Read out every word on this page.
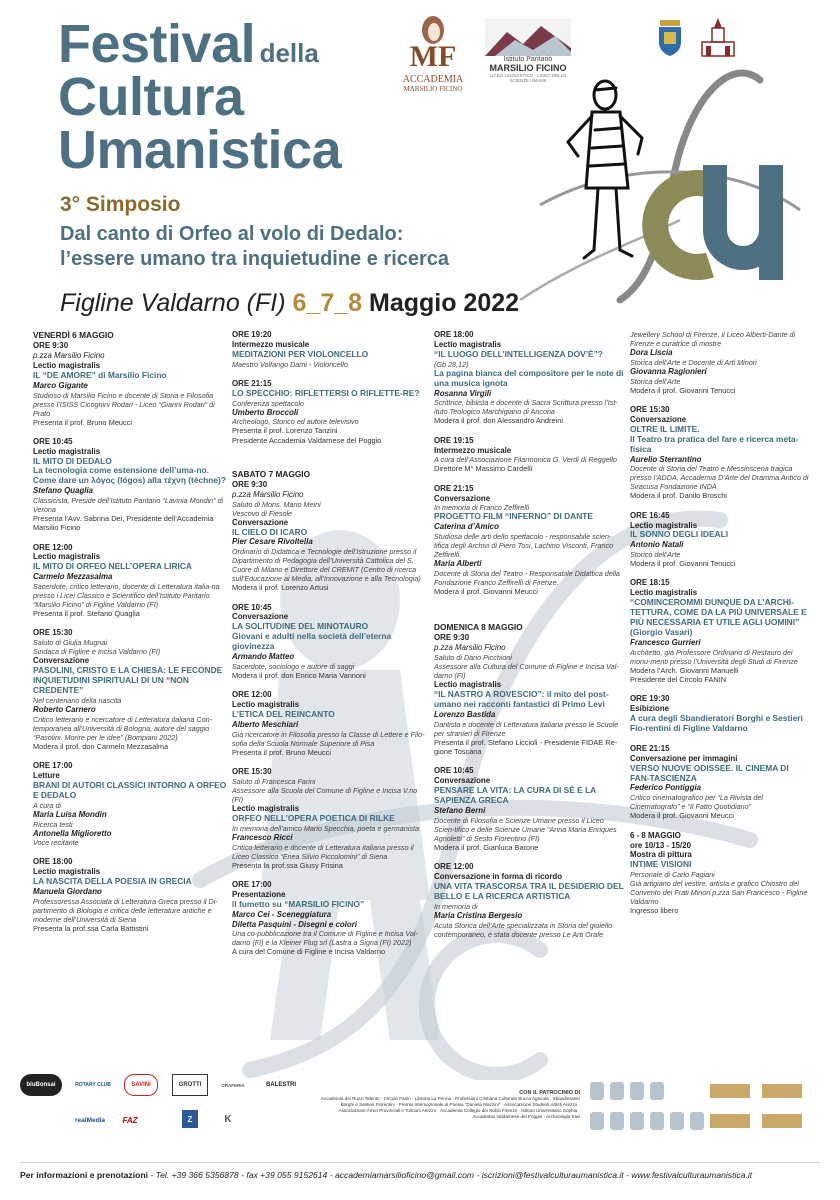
Festival della
Cultura
Umanistica
3° Simposio
Dal canto di Orfeo al volo di Dedalo:
l’essere umano tra inquietudine e ricerca
Figline Valdarno (FI) 6_7_8 Maggio 2022
MF
ACCADEMIA
MARSILIO FICINO
Istituto Paritario
MARSILIO FICINO
LICEO LINGUISTICO - LICEO DELLE SCIENZE UMANE
cu
VENERDÌ 6 MAGGIO
ORE 9:30
p.zza Marsilio Ficino
Lectio magistralis
IL “DE AMORE” di Marsilio Ficino
Marco Gigante
Studioso di Marsilio Ficino e docente di Storia e Filosofia presso l’ISISS Cicognini Rodari - Liceo “Gianni Rodari” di Prato
Presenta il prof. Bruno Meucci
ORE 10:45
Lectio magistralis
IL MITO DI DEDALO
La tecnologia come estensione dell’uma-no. Come dare un λόγος (lógos) alla τέχνη (téchne)?
Stefano Quaglia
Classicista, Preside dell’Istituto Paritario “Lavinia Mondin” di Verona
Presenta l’Avv. Sabrina Dei, Presidente dell’Accademia Marsilio Ficino
ORE 12:00
Lectio magistralis
IL MITO DI ORFEO NELL’OPERA LIRICA
Carmelo Mezzasalma
Sacerdote, critico letterario, docente di Letteratura italia-na presso i Licei Classico e Scientifico dell’Istituto Paritario “Marsilio Ficino” di Figline Valdarno (FI)
Presenta il prof. Stefano Quaglia
ORE 15:30
Saluto di Giulia Mugnai
Sindaca di Figline e Incisa Valdarno (FI)
Conversazione
PASOLINI, CRISTO E LA CHIESA: LE FECONDE INQUIETUDINI SPIRITUALI DI UN “NON CREDENTE”
Nel centenario della nascita
Roberto Carnero
Critico letterario e ricercatore di Letteratura italiana Con-temporanea all’Università di Bologna, autore del saggio “Pasolini. Morire per le idee” (Bompiani 2022)
Modera il prof. don Carmelo Mezzasalma
ORE 17:00
Letture
BRANI DI AUTORI CLASSICI INTORNO A ORFEO E DEDALO
A cura di
Maria Luisa Mondin
Ricerca testi
Antonella Miglioretto
Voce recitante
ORE 18:00
Lectio magistralis
LA NASCITA DELLA POESIA IN GRECIA
Manuela Giordano
Professoressa Associata di Letteratura Greca presso il Di-partimento di Biologia e critica delle letterature antiche e moderne dell’Università di Siena
Presenta la prof.ssa Carla Battistini
ORE 19:20
Intermezzo musicale
MEDITAZIONI PER VIOLONCELLO
Maestro Volfango Dami - Violoncello
ORE 21:15
LO SPECCHIO: RIFLETTERSI O RIFLETTE-RE?
Conferenza spettacolo
Umberto Broccoli
Archeologo, Storico ed autore televisivo
Presenta il prof. Lorenzo Tanzini
Presidente Accademia Valdarnese del Poggio
SABATO 7 MAGGIO
ORE 9:30
p.zza Marsilio Ficino
Saluto di Mons. Mario Meini
Vescovo di Fiesole
Conversazione
IL CIELO DI ICARO
Pier Cesare Rivoltella
Ordinario di Didattica e Tecnologie dell’Istruzione presso il Dipartimento di Pedagogia dell’Università Cattolica del S. Cuore di Milano e Direttore del CREMIT (Centro di ricerca sull’Educazione ai Media, all’Innovazione e alla Tecnologia)
Modera il prof. Lorenzo Artusi
ORE 10:45
Conversazione
LA SOLITUDINE DEL MINOTAURO
Giovani e adulti nella società dell’eterna giovinezza
Armando Matteo
Sacerdote, sociologo e autore di saggi
Modera il prof. don Enrico Maria Vannoni
ORE 12:00
Lectio magistralis
L’ETICA DEL REINCANTO
Alberto Meschiari
Già ricercatore in Filosofia presso la Classe di Lettere e Filo-sofia della Scuola Normale Superiore di Pisa
Presenta il prof. Bruno Meucci
ORE 15:30
Saluto di Francesca Farini
Assessore alla Scuola del Comune di Figline e Incisa V.no (FI)
Lectio magistralis
ORFEO NELL’OPERA POETICA DI RILKE
In memoria dell’amico Mario Specchia, poeta e germanista
Francesco Ricci
Critico letterario e docente di Letteratura italiana presso il Liceo Classico “Enea Silvio Piccolomini” di Siena
Presenta la prof.ssa Giusy Frisina
ORE 17:00
Presentazione
Il fumetto su “MARSILIO FICINO”
Marco Cei - Sceneggiatura
Diletta Pasquini - Disegni e colori
Una co-pubblicazione tra il Comune di Figline e Incisa Val-darno (FI) e la Kleiner Flug srl (Lastra a Signa (FI) 2022)
A cura del Comune di Figline e Incisa Valdarno
ORE 18:00
Lectio magistralis
“IL LUOGO DELL’INTELLIGENZA DOV’È”?
(Gb 28,12)
La pagina bianca del compositore per le note di una musica ignota
Rosanna Virgili
Scrittrice, biblista e docente di Sacra Scrittura presso l’Ist-ituto Teologico Marchigiano di Ancona
Modera il prof. don Alessandro Andreini
ORE 19:15
Intermezzo musicale
A cura dell’Associazione Filarmonica G. Verdi di Reggello
Direttore M° Massimo Cardelli
ORE 21:15
Conversazione
In memoria di Franco Zeffirelli
PROGETTO FILM “INFERNO” DI DANTE
Caterina d’Amico
Studiosa delle arti dello spettacolo - responsabile scien-tifica degli Archivi di Piero Tosi, Lachino Visconti, Franco Zeffirelli.
Maria Alberti
Docente di Storia del Teatro - Responsabile Didattica della Fondazione Franco Zeffirelli di Firenze.
Modera il prof. Giovanni Meucci
DOMENICA 8 MAGGIO
ORE 9:30
p.zza Marsilio Ficino
Saluto di Dario Picchioni
Assessore alla Cultura del Comune di Figline e Incisa Val-darno (FI)
Lectio magistralis
“IL NASTRO A ROVESCIO”: il mito del post-umano nei racconti fantastici di Primo Levi
Lorenzo Bastida
Dantista e docente di Letteratura italiana presso le Scuole per stranieri di Firenze
Presenta il prof. Stefano Liccioli - Presidente FIDAE Re-gione Toscana
ORE 10:45
Conversazione
PENSARE LA VITA: LA CURA DI SÉ E LA SAPIENZA GRECA
Stefano Berni
Docente di Filosofia e Scienze Umane presso il Liceo Scien-tifico e delle Scienze Umane “Anna Maria Enriques Agnoletti” di Sesto Fiorentino (FI)
Modera il prof. Gianluca Barone
ORE 12:00
Conversazione in forma di ricordo
UNA VITA TRASCORSA TRA IL DESIDERIO DEL BELLO E LA RICERCA ARTISTICA
In memoria di
Maria Cristina Bergesio
Acuta Storica dell’Arte specializzata in Storia del gioiello contemporaneo, è stata docente presso Le Arti Orafe
Jewellery School di Firenze, il Liceo Alberti-Dante di Firenze e curatrice di mostre
Dora Liscia
Storica dell’Arte e Docente di Arti Minori
Giovanna Ragionieri
Storica dell’Arte
Modera il prof. Giovanni Tenucci
ORE 15:30
Conversazione
OLTRE IL LIMITE.
Il Teatro tra pratica del fare e ricerca meta-fisica
Aurelio Sterrantino
Docente di Storia del Teatro e Messinscena tragica presso l’ADDA, Accademia D’Arte del Dramma Antico di Siracusa Fondazione INDA
Modera il prof. Danilo Broschi
ORE 16:45
Lectio magistralis
IL SONNO DEGLI IDEALI
Antonio Natali
Storico dell’Arte
Modera il prof. Giovanni Tenucci
ORE 18:15
Lectio magistralis
“COMINCEROMMI DUNQUE DA L’ARCHI-TETTURA, COME DA LA PIÙ UNIVERSALE E PIÙ NECESSARIA ET UTILE AGLI UOMINI” (Giorgio Vasari)
Francesco Gurrieri
Architetto, già Professore Ordinario di Restauro dei monu-menti presso l’Università degli Studi di Firenze
Modera l’Arch. Giovanni Manuelli
Presidente del Circolo FANIN
ORE 19:30
Esibizione
A cura degli Sbandieratori Borghi e Sestieri Fio-rentini di Figline Valdarno
ORE 21:15
Conversazione per immagini
VERSO NUOVE ODISSEE. IL CINEMA DI FAN-TASCIENZA
Federico Pontiggia
Critico cinematografico per “La Rivista del Cinematografo” e “Il Fatto Quotidiano”
Modera il prof. Giovanni Meucci
6 - 8 MAGGIO
ore 10/13 - 15/20
Mostra di pittura
INTIME VISIONI
Personale di Carlo Fagiani
Già artigiano del vestire, artista e grafico Chiostro del Convento dei Frati Minori p.zza San Francesco - Figline Valdarno
Ingresso libero
bluBonsai	ROTARY CLUB	SAVINI	GROTTI	ORAFERIA	BALESTRI
realMedia	FAZ	Z	K
CON IL PATROCINIO DI
Accademia dei Ruzzi Talento · Circolo Fanin · Libreria La Penna · Professioni Cristiana Culturale Bucca Agricola · Sbandieratori Borghi e Sestieri Fiorentini · Premio Internazionale di Poesia “Daniela Mazzini” · Associazione Studenti Artisti Arezzo · Associazione Amici Provinciali e Toscani Arezzo · Accademia Collegio dei Nobili Firenze · Istituto Universitario Sophia · Accademia Valdarnese del Poggio · Archeologia Kiwi
Per informazioni e prenotazioni - Tel. +39 366 5356878 - fax +39 055 9152614 - accademiamarsilioficino@gmail.com - iscrizioni@festivalculturaumanistica.it - www.festivalculturaumanistica.it
